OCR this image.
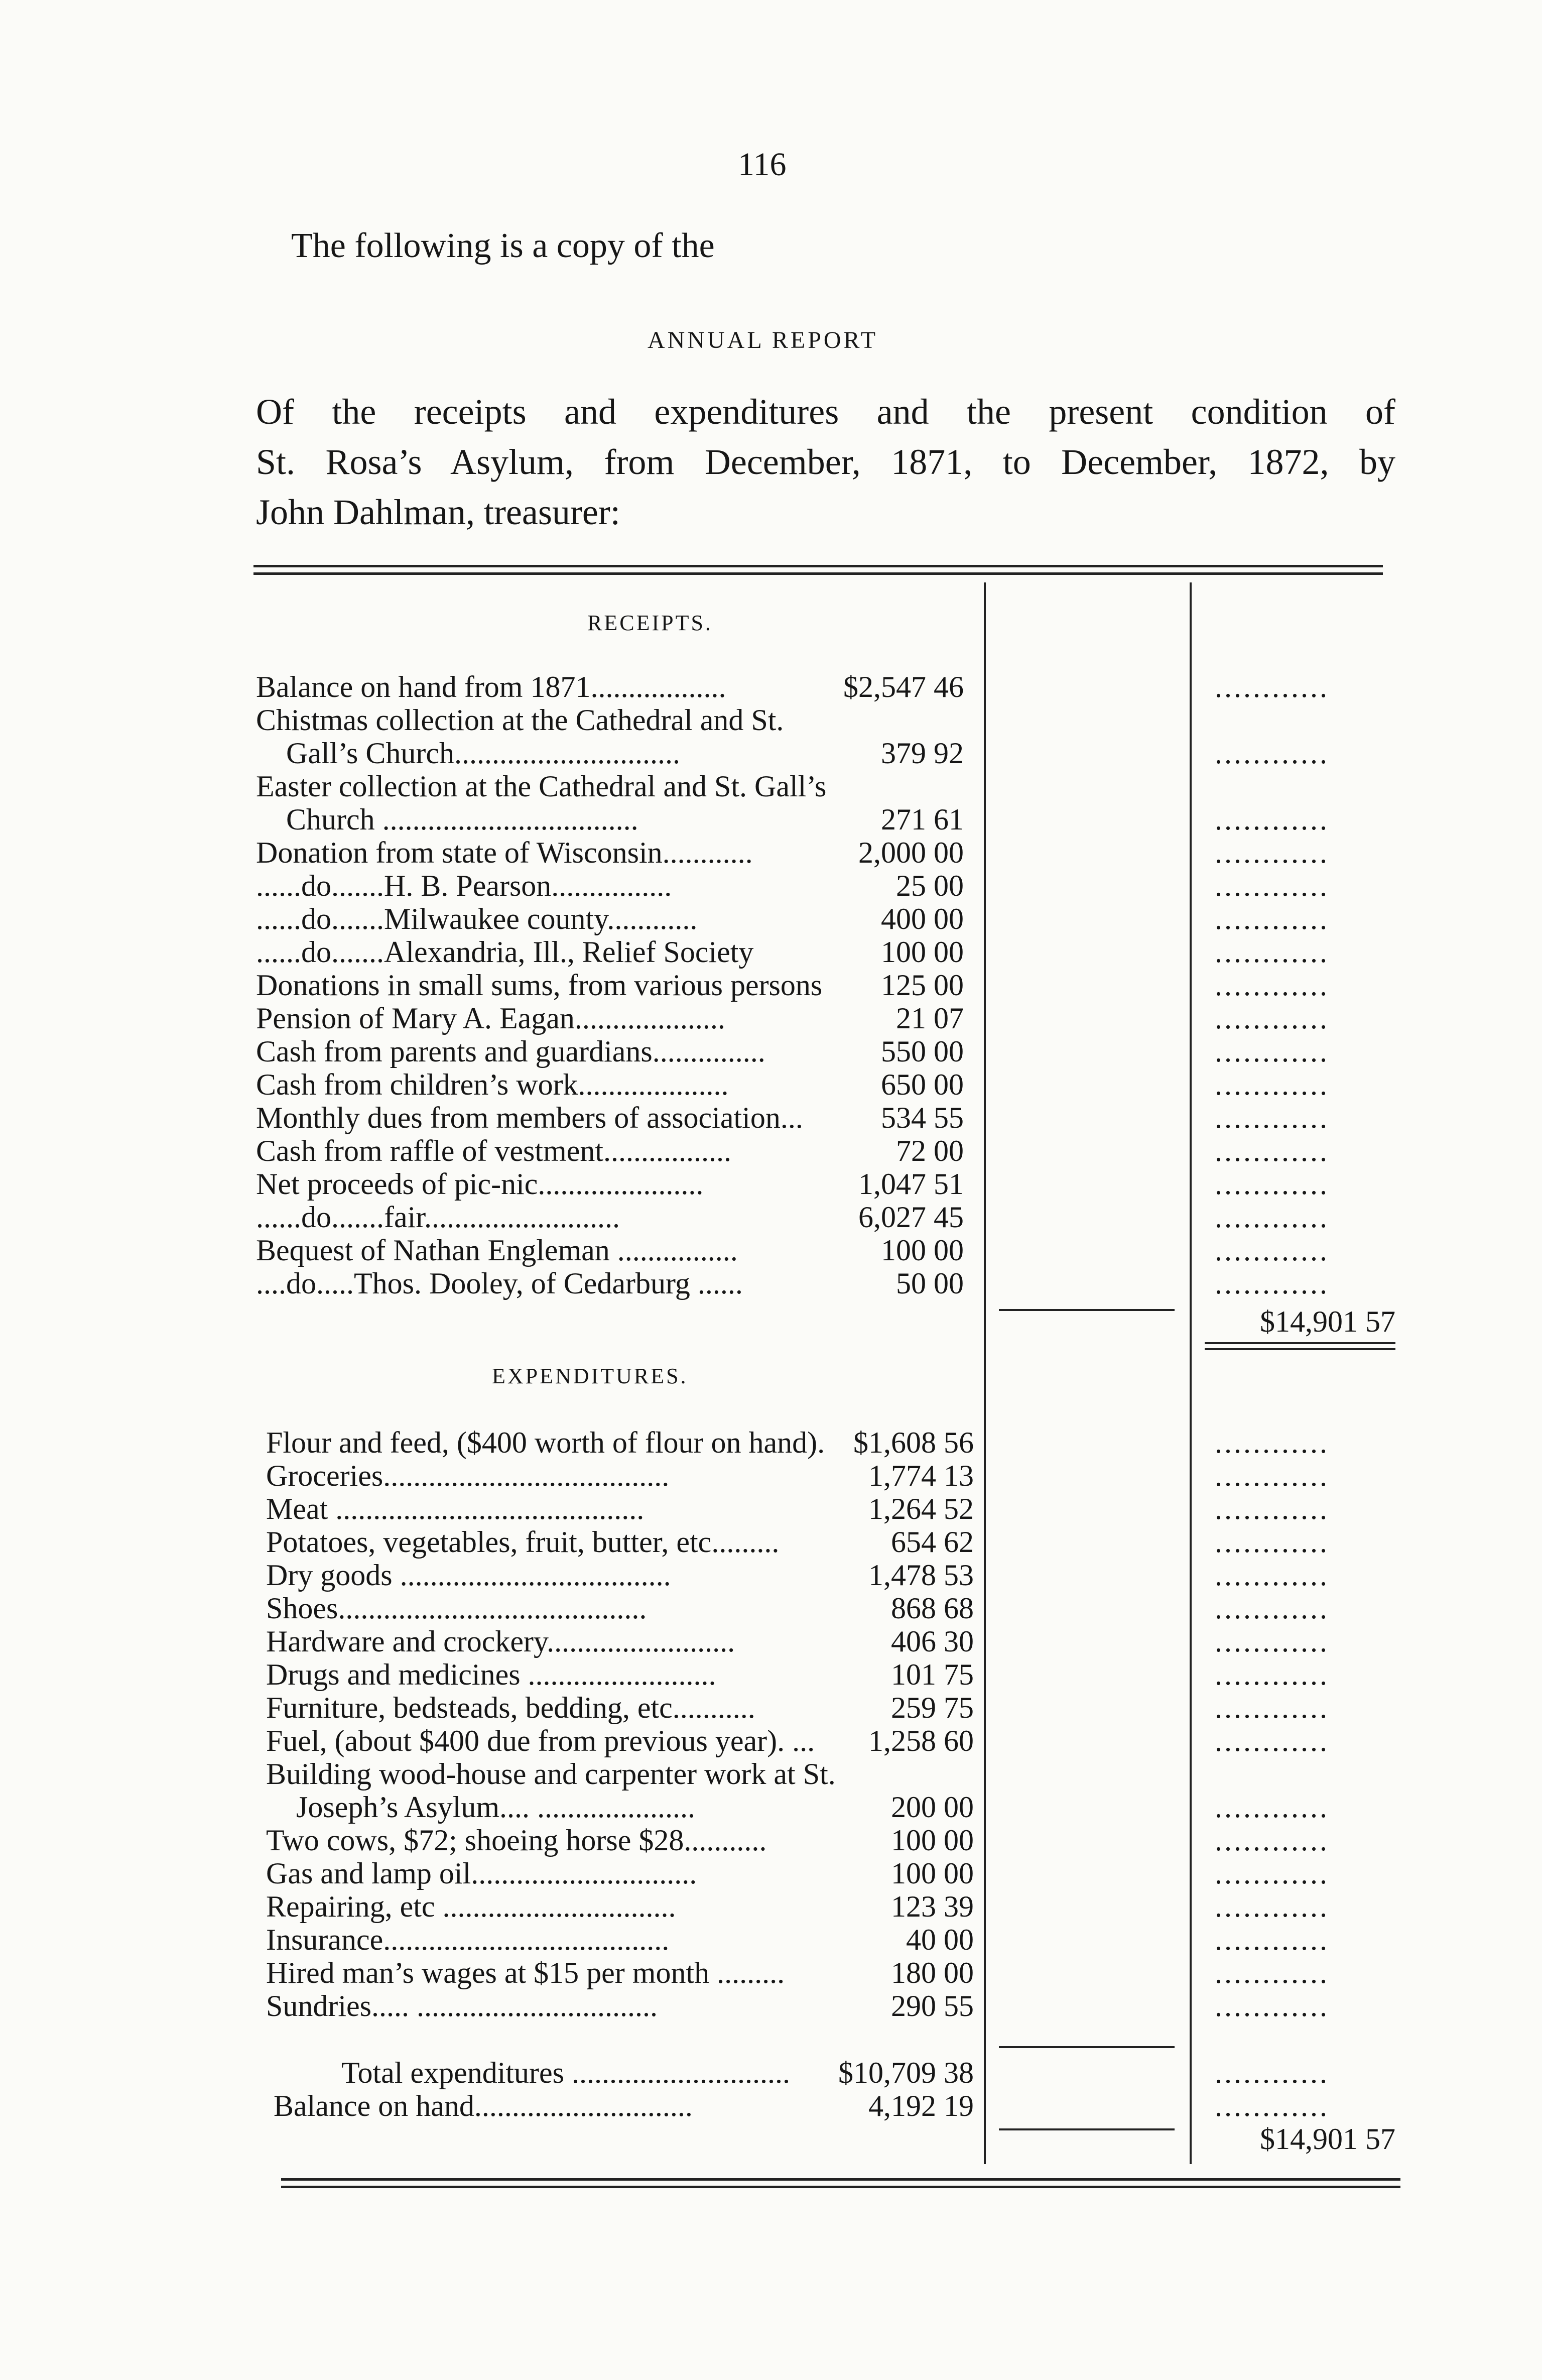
116
The following is a copy of the
ANNUAL REPORT
Of the receipts and expenditures and the present condition of
St. Rosa’s Asylum, from December, 1871, to December, 1872, by
John Dahlman, treasurer:
RECEIPTS.
Balance on hand from 1871..................	$2,547 46	............
Chistmas collection at the Cathedral and St.
Gall’s Church..............................	379 92	............
Easter collection at the Cathedral and St. Gall’s
Church ..................................	271 61	............
Donation from state of Wisconsin............	2,000 00	............
......do.......H. B. Pearson................	25 00	............
......do.......Milwaukee county............	400 00	............
......do.......Alexandria, Ill., Relief Society	100 00	............
Donations in small sums, from various persons	125 00	............
Pension of Mary A. Eagan....................	21 07	............
Cash from parents and guardians...............	550 00	............
Cash from children’s work....................	650 00	............
Monthly dues from members of association...	534 55	............
Cash from raffle of vestment.................	72 00	............
Net proceeds of pic-nic......................	1,047 51	............
......do.......fair..........................	6,027 45	............
Bequest of Nathan Engleman ................	100 00	............
....do.....Thos. Dooley, of Cedarburg ......	50 00	............
$14,901 57
EXPENDITURES.
Flour and feed, ($400 worth of flour on hand). $1,608 56	............
Groceries......................................	1,774 13	............
Meat .........................................	1,264 52	............
Potatoes, vegetables, fruit, butter, etc.........	654 62	............
Dry goods ....................................	1,478 53	............
Shoes.........................................	868 68	............
Hardware and crockery.........................	406 30	............
Drugs and medicines .........................	101 75	............
Furniture, bedsteads, bedding, etc...........	259 75	............
Fuel, (about $400 due from previous year). ...	1,258 60	............
Building wood-house and carpenter work at St.
Joseph’s Asylum.... .....................	200 00	............
Two cows, $72; shoeing horse $28...........	100 00	............
Gas and lamp oil..............................	100 00	............
Repairing, etc ...............................	123 39	............
Insurance......................................	40 00	............
Hired man’s wages at $15 per month .........	180 00	............
Sundries..... ................................	290 55	............
Total expenditures .............................	$10,709 38	............
Balance on hand.............................	4,192 19	............
$14,901 57
